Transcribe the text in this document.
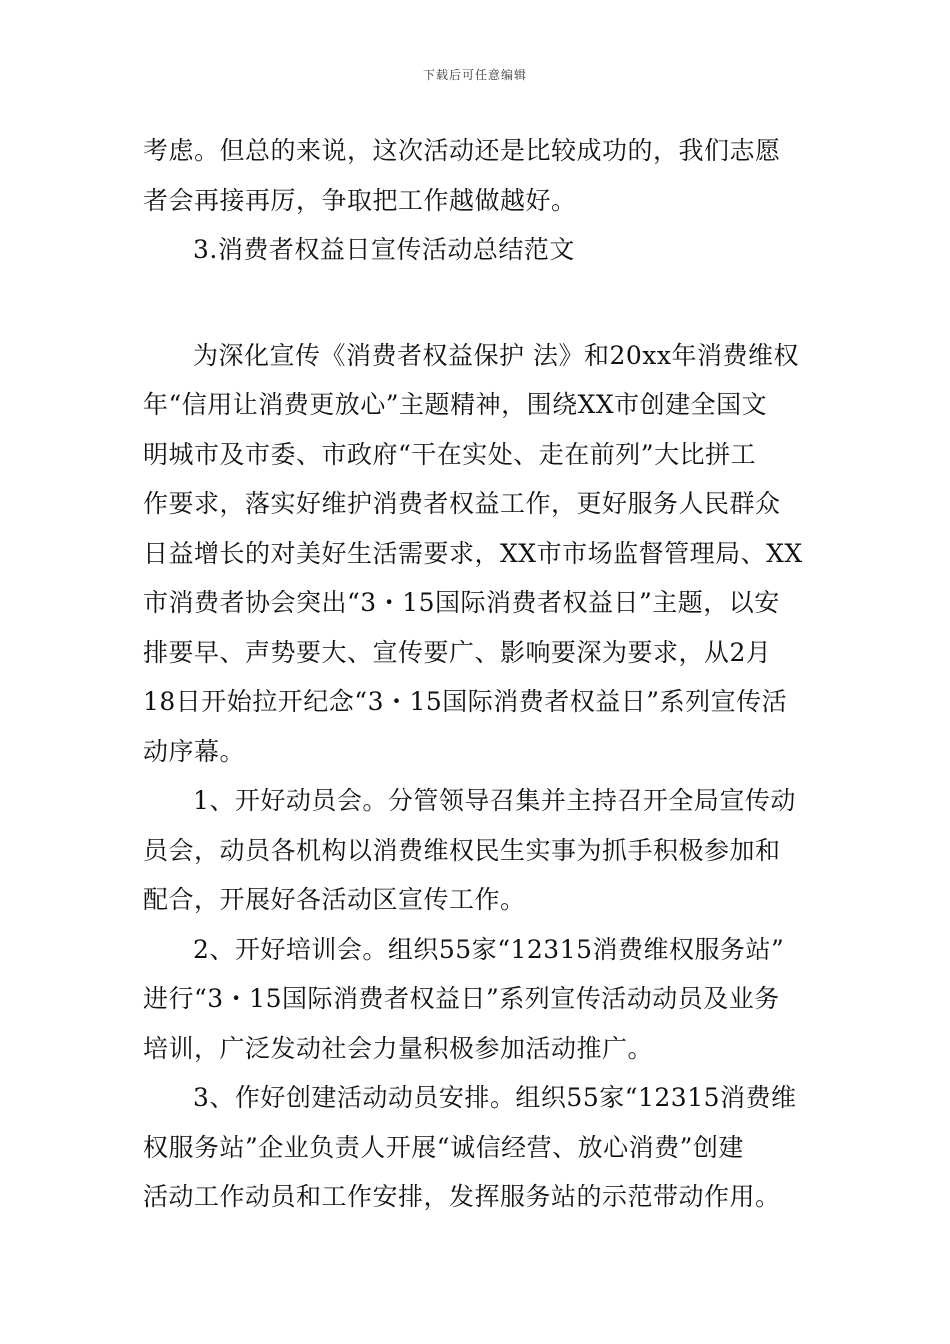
下载后可任意编辑
考虑。但总的来说，这次活动还是比较成功的，我们志愿
者会再接再厉，争取把工作越做越好。
3.消费者权益日宣传活动总结范文
为深化宣传《消费者权益保护 法》和20xx年消费维权
年“信用让消费更放心”主题精神，围绕XX市创建全国文
明城市及市委、市政府“干在实处、走在前列”大比拼工
作要求，落实好维护消费者权益工作，更好服务人民群众
日益增长的对美好生活需要求，XX市市场监督管理局、XX
市消费者协会突出“3・15国际消费者权益日”主题，以安
排要早、声势要大、宣传要广、影响要深为要求，从2月
18日开始拉开纪念“3・15国际消费者权益日”系列宣传活
动序幕。
1、开好动员会。分管领导召集并主持召开全局宣传动
员会，动员各机构以消费维权民生实事为抓手积极参加和
配合，开展好各活动区宣传工作。
2、开好培训会。组织55家“12315消费维权服务站”
进行“3・15国际消费者权益日”系列宣传活动动员及业务
培训，广泛发动社会力量积极参加活动推广。
3、作好创建活动动员安排。组织55家“12315消费维
权服务站”企业负责人开展“诚信经营、放心消费”创建
活动工作动员和工作安排，发挥服务站的示范带动作用。
